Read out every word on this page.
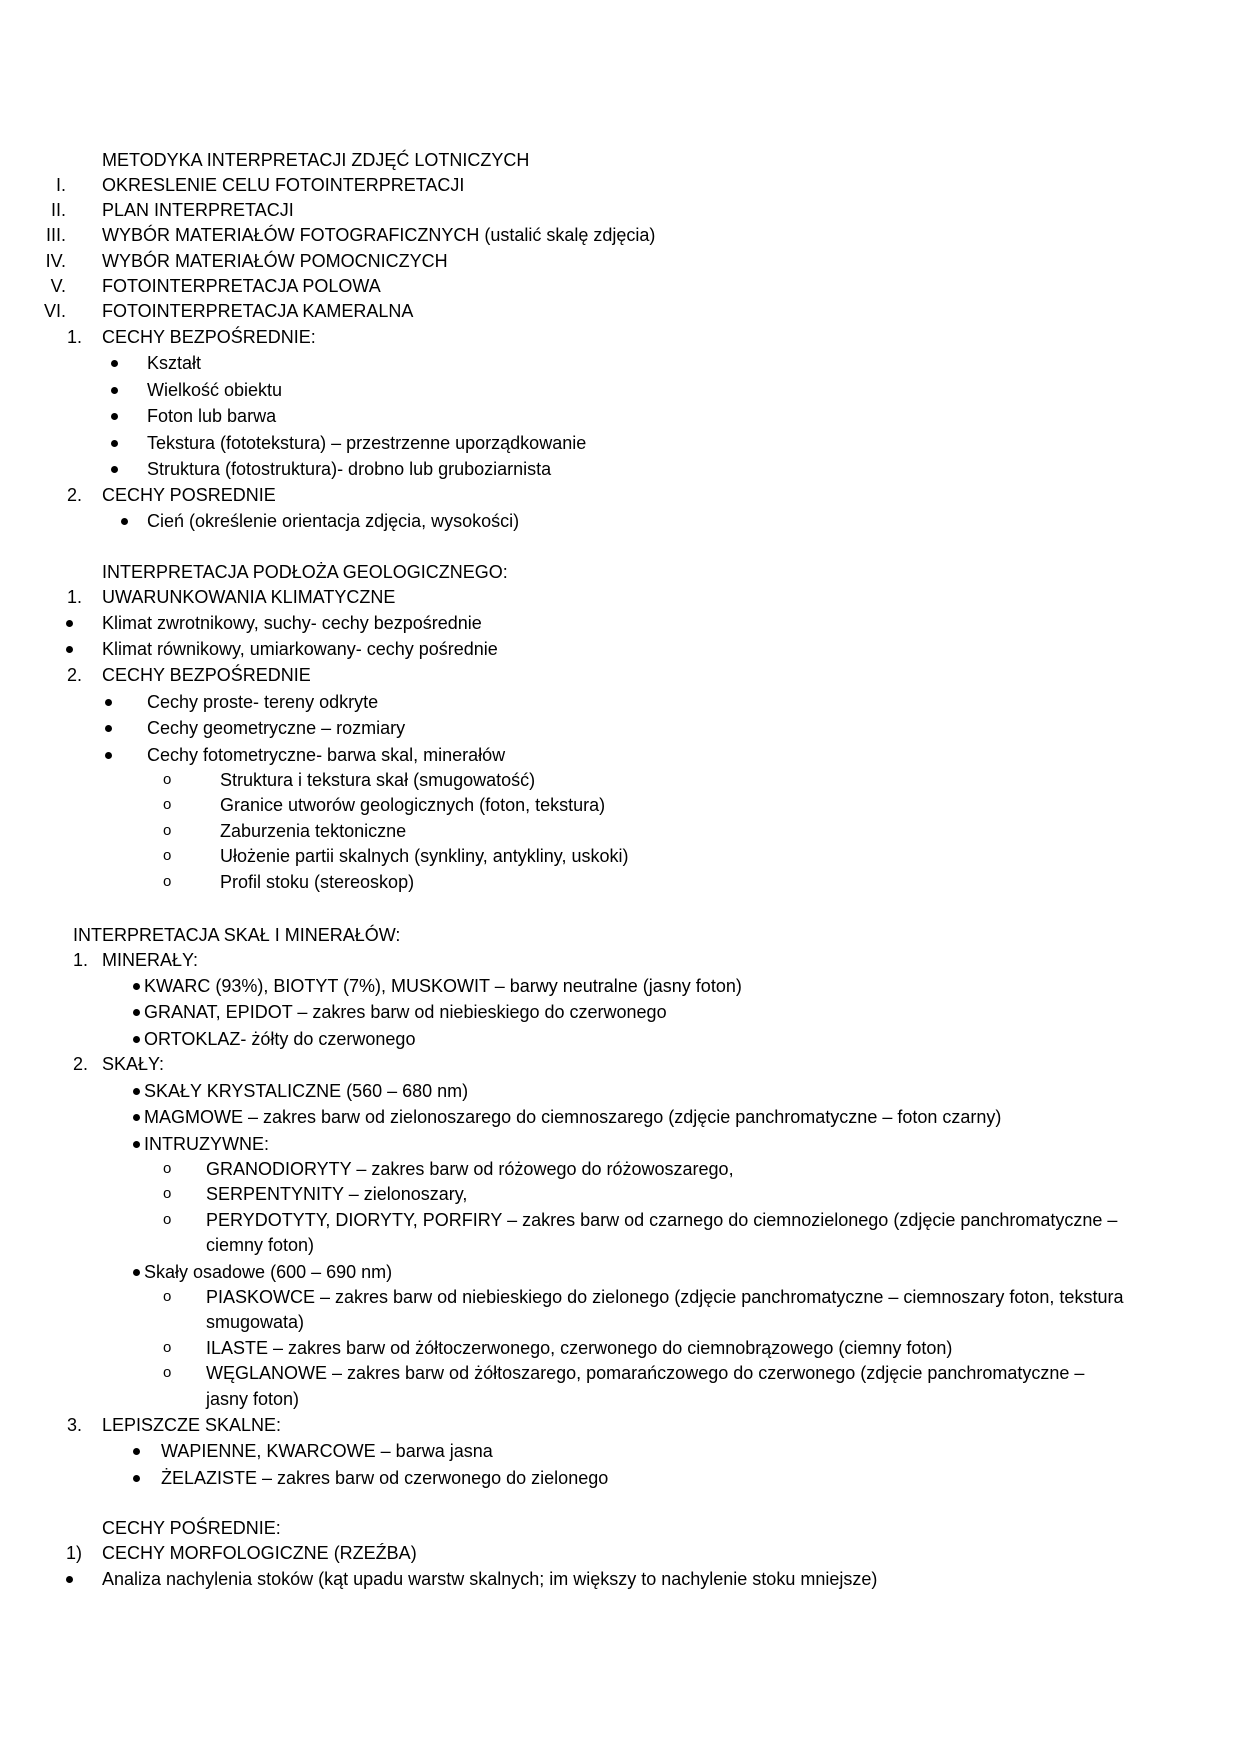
METODYKA INTERPRETACJI ZDJĘĆ LOTNICZYCH
I. OKRESLENIE CELU FOTOINTERPRETACJI
II. PLAN INTERPRETACJI
III. WYBÓR MATERIAŁÓW FOTOGRAFICZNYCH (ustalić skalę zdjęcia)
IV. WYBÓR MATERIAŁÓW POMOCNICZYCH
V. FOTOINTERPRETACJA POLOWA
VI. FOTOINTERPRETACJA KAMERALNA
1. CECHY BEZPOŚREDNIE:
Kształt
Wielkość obiektu
Foton lub barwa
Tekstura (fototekstura) – przestrzenne uporządkowanie
Struktura (fotostruktura)- drobno lub gruboziarnista
2. CECHY POSREDNIE
Cień (określenie orientacja zdjęcia, wysokości)
INTERPRETACJA PODŁOŻA GEOLOGICZNEGO:
1. UWARUNKOWANIA KLIMATYCZNE
Klimat zwrotnikowy, suchy- cechy bezpośrednie
Klimat równikowy, umiarkowany- cechy pośrednie
2. CECHY BEZPOŚREDNIE
Cechy proste- tereny odkryte
Cechy geometryczne – rozmiary
Cechy fotometryczne- barwa skal, minerałów
o	Struktura i tekstura skał (smugowatość)
o	Granice utworów geologicznych (foton, tekstura)
o	Zaburzenia tektoniczne
o	Ułożenie partii skalnych (synkliny, antykliny, uskoki)
o	Profil stoku (stereoskop)
INTERPRETACJA SKAŁ I MINERAŁÓW:
1. MINERAŁY:
KWARC (93%), BIOTYT (7%), MUSKOWIT – barwy neutralne (jasny foton)
GRANAT, EPIDOT – zakres barw od niebieskiego do czerwonego
ORTOKLAZ- żółty do czerwonego
2. SKAŁY:
SKAŁY KRYSTALICZNE (560 – 680 nm)
MAGMOWE – zakres barw od zielonoszarego do ciemnoszarego (zdjęcie panchromatyczne – foton czarny)
INTRUZYWNE:
o GRANODIORYTY – zakres barw od różowego do różowoszarego,
o SERPENTYNITY – zielonoszary,
o PERYDOTYTY, DIORYTY, PORFIRY – zakres barw od czarnego do ciemnozielonego (zdjęcie panchromatyczne –
ciemny foton)
Skały osadowe (600 – 690 nm)
o PIASKOWCE – zakres barw od niebieskiego do zielonego (zdjęcie panchromatyczne – ciemnoszary foton, tekstura
smugowata)
o ILASTE – zakres barw od żółtoczerwonego, czerwonego do ciemnobrązowego (ciemny foton)
o WĘGLANOWE – zakres barw od żółtoszarego, pomarańczowego do czerwonego (zdjęcie panchromatyczne –
jasny foton)
3. LEPISZCZE SKALNE:
WAPIENNE, KWARCOWE – barwa jasna
ŻELAZISTE – zakres barw od czerwonego do zielonego
CECHY POŚREDNIE:
1) CECHY MORFOLOGICZNE (RZEŹBA)
Analiza nachylenia stoków (kąt upadu warstw skalnych; im większy to nachylenie stoku mniejsze)
